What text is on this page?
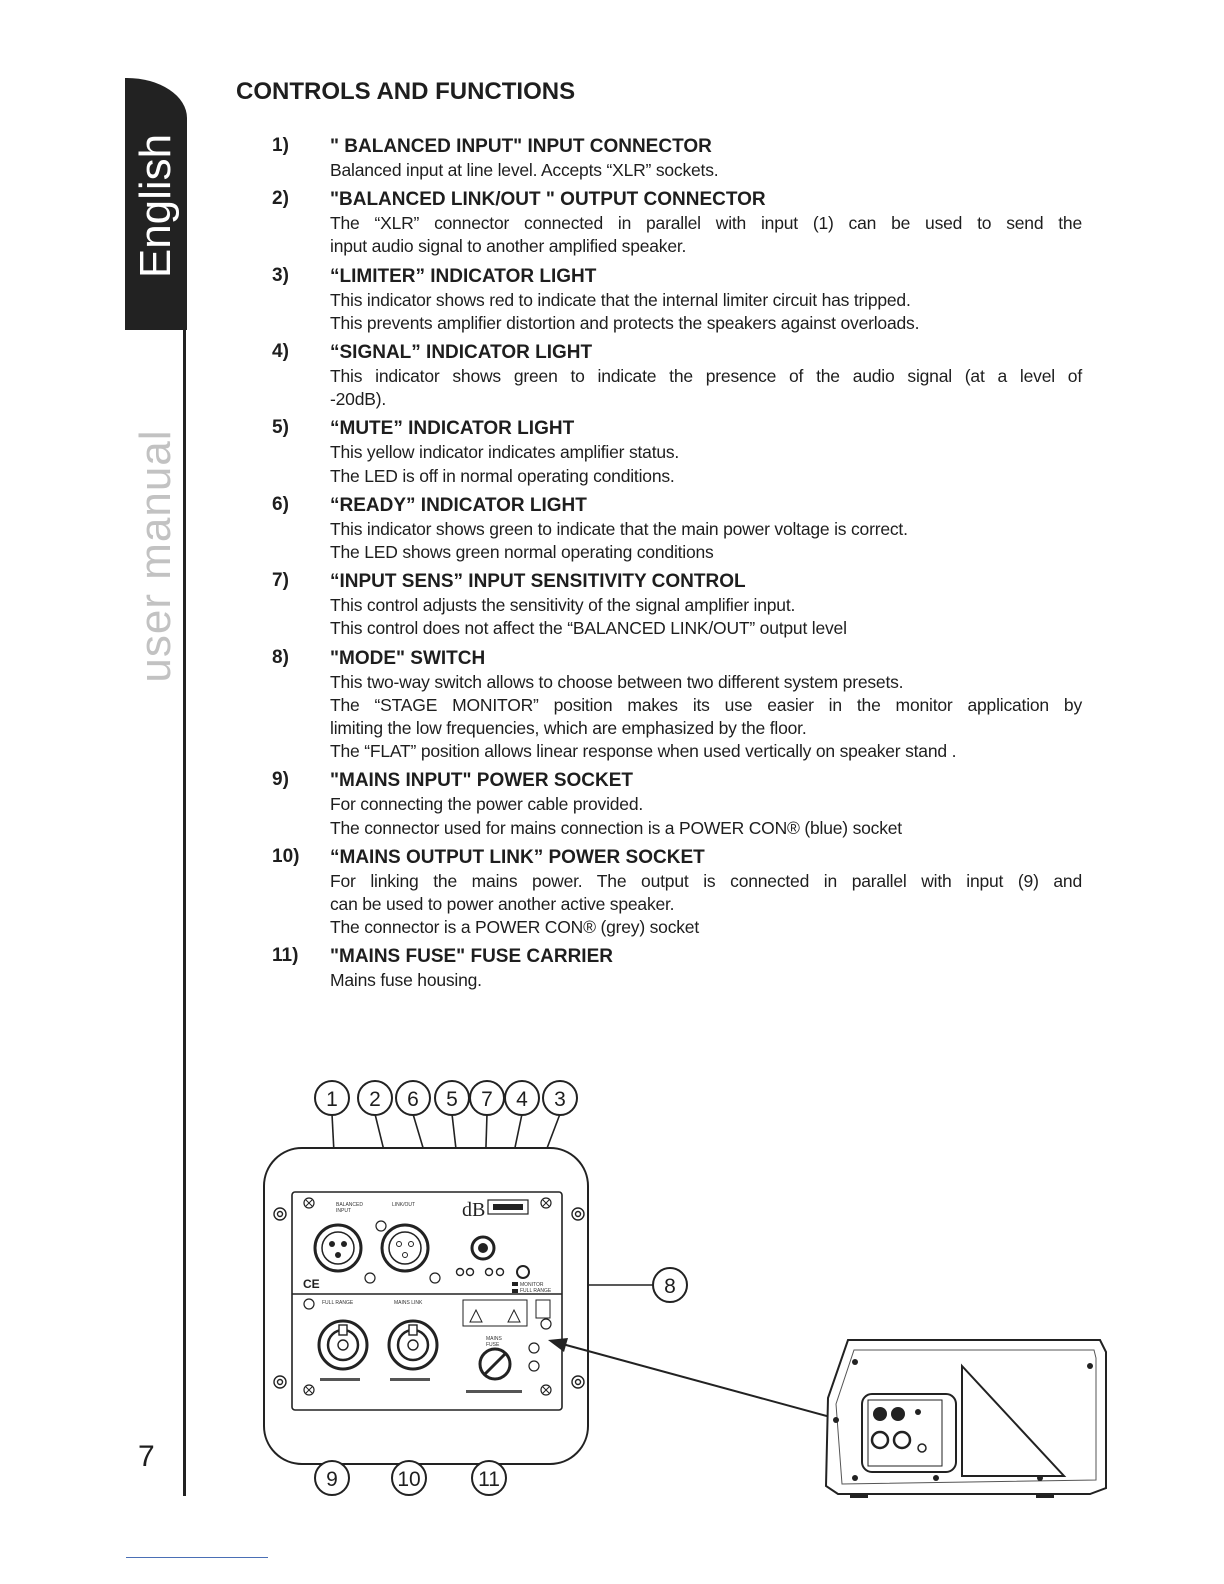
English
user manual
7
CONTROLS AND FUNCTIONS
1) " BALANCED INPUT" INPUT CONNECTOR
Balanced input at line level. Accepts “XLR” sockets.
2) "BALANCED LINK/OUT " OUTPUT CONNECTOR
The “XLR” connector connected in parallel with input (1) can be used to send the
input audio signal to another amplified speaker.
3) “LIMITER” INDICATOR LIGHT
This indicator shows red to indicate that the internal limiter circuit has tripped.
This prevents amplifier distortion and protects the speakers against overloads.
4) “SIGNAL” INDICATOR LIGHT
This indicator shows green to indicate the presence of the audio signal (at a level of
-20dB).
5) “MUTE” INDICATOR LIGHT
This yellow indicator indicates amplifier status.
The LED is off in normal operating conditions.
6) “READY” INDICATOR LIGHT
This indicator shows green to indicate that the main power voltage is correct.
The LED shows green normal operating conditions
7) “INPUT SENS” INPUT SENSITIVITY CONTROL
This control adjusts the sensitivity of the signal amplifier input.
This control does not affect the “BALANCED LINK/OUT” output level
8) "MODE" SWITCH
This two-way switch allows to choose between two different system presets.
The “STAGE MONITOR” position makes its use easier in the monitor application by
limiting the low frequencies, which are emphasized by the floor.
The “FLAT” position allows linear response when used vertically on speaker stand .
9) "MAINS INPUT" POWER SOCKET
For connecting the power cable provided.
The connector used for mains connection is a POWER CON® (blue) socket
10) “MAINS OUTPUT LINK” POWER SOCKET
For linking the mains power. The output is connected in parallel with input (9) and
can be used to power another active speaker.
The connector is a POWER CON® (grey) socket
11) "MAINS FUSE" FUSE CARRIER
Mains fuse housing.
1 2 6 5 7 4 3
CE
BALANCED
INPUT
LINK/OUT dB
MONITOR
FULL RANGE	8
FULL RANGE	MAINS LINK
MAINS
FUSE
9	10	11
